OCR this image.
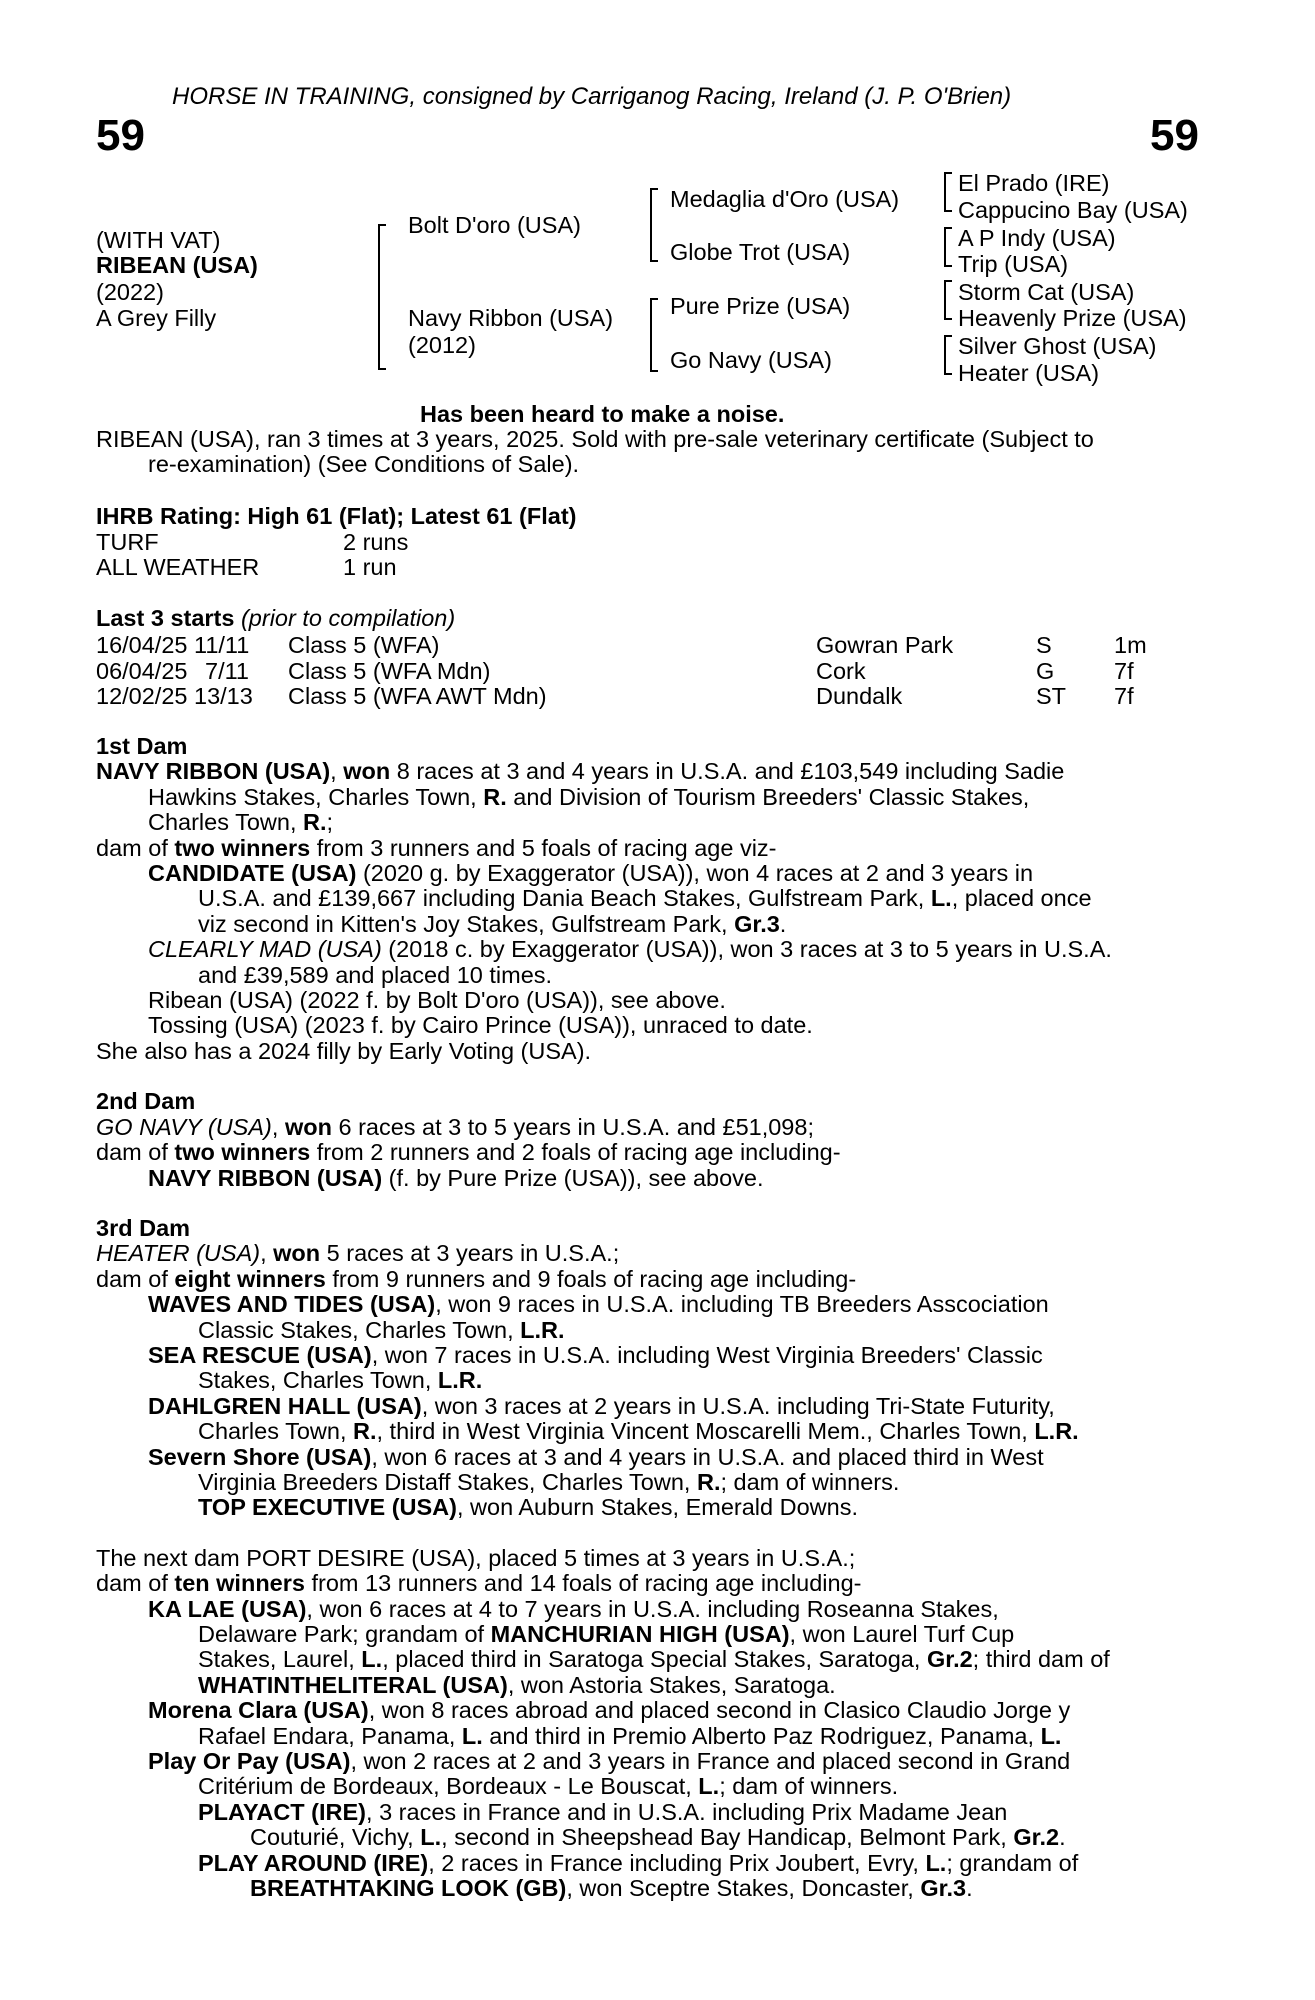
HORSE IN TRAINING, consigned by Carriganog Racing, Ireland (J. P. O'Brien)
59	59
(WITH VAT)
RIBEAN (USA)
(2022)
A Grey Filly
Bolt D'oro (USA)
Navy Ribbon (USA)
(2012)
Medaglia d'Oro (USA)
Globe Trot (USA)
Pure Prize (USA)
Go Navy (USA)
El Prado (IRE)
Cappucino Bay (USA)
A P Indy (USA)
Trip (USA)
Storm Cat (USA)
Heavenly Prize (USA)
Silver Ghost (USA)
Heater (USA)
Has been heard to make a noise.
RIBEAN (USA), ran 3 times at 3 years, 2025. Sold with pre-sale veterinary certificate (Subject to
re-examination) (See Conditions of Sale).
IHRB Rating: High 61 (Flat); Latest 61 (Flat)
TURF	2 runs
ALL WEATHER	1 run
Last 3 starts (prior to compilation)
16/04/25 11/11 Class 5 (WFA)	Gowran Park	S	1m
06/04/25 7/11 Class 5 (WFA Mdn)	Cork	G	7f
12/02/25 13/13 Class 5 (WFA AWT Mdn)	Dundalk	ST 7f
1st Dam
NAVY RIBBON (USA), won 8 races at 3 and 4 years in U.S.A. and £103,549 including Sadie
Hawkins Stakes, Charles Town, R. and Division of Tourism Breeders' Classic Stakes,
Charles Town, R.;
dam of two winners from 3 runners and 5 foals of racing age viz-
CANDIDATE (USA) (2020 g. by Exaggerator (USA)), won 4 races at 2 and 3 years in
U.S.A. and £139,667 including Dania Beach Stakes, Gulfstream Park, L., placed once
viz second in Kitten's Joy Stakes, Gulfstream Park, Gr.3.
CLEARLY MAD (USA) (2018 c. by Exaggerator (USA)), won 3 races at 3 to 5 years in U.S.A.
and £39,589 and placed 10 times.
Ribean (USA) (2022 f. by Bolt D'oro (USA)), see above.
Tossing (USA) (2023 f. by Cairo Prince (USA)), unraced to date.
She also has a 2024 filly by Early Voting (USA).
2nd Dam
GO NAVY (USA), won 6 races at 3 to 5 years in U.S.A. and £51,098;
dam of two winners from 2 runners and 2 foals of racing age including-
NAVY RIBBON (USA) (f. by Pure Prize (USA)), see above.
3rd Dam
HEATER (USA), won 5 races at 3 years in U.S.A.;
dam of eight winners from 9 runners and 9 foals of racing age including-
WAVES AND TIDES (USA), won 9 races in U.S.A. including TB Breeders Asscociation
Classic Stakes, Charles Town, L.R.
SEA RESCUE (USA), won 7 races in U.S.A. including West Virginia Breeders' Classic
Stakes, Charles Town, L.R.
DAHLGREN HALL (USA), won 3 races at 2 years in U.S.A. including Tri-State Futurity,
Charles Town, R., third in West Virginia Vincent Moscarelli Mem., Charles Town, L.R.
Severn Shore (USA), won 6 races at 3 and 4 years in U.S.A. and placed third in West
Virginia Breeders Distaff Stakes, Charles Town, R.; dam of winners.
TOP EXECUTIVE (USA), won Auburn Stakes, Emerald Downs.
The next dam PORT DESIRE (USA), placed 5 times at 3 years in U.S.A.;
dam of ten winners from 13 runners and 14 foals of racing age including-
KA LAE (USA), won 6 races at 4 to 7 years in U.S.A. including Roseanna Stakes,
Delaware Park; grandam of MANCHURIAN HIGH (USA), won Laurel Turf Cup
Stakes, Laurel, L., placed third in Saratoga Special Stakes, Saratoga, Gr.2; third dam of
WHATINTHELITERAL (USA), won Astoria Stakes, Saratoga.
Morena Clara (USA), won 8 races abroad and placed second in Clasico Claudio Jorge y
Rafael Endara, Panama, L. and third in Premio Alberto Paz Rodriguez, Panama, L.
Play Or Pay (USA), won 2 races at 2 and 3 years in France and placed second in Grand
Critérium de Bordeaux, Bordeaux - Le Bouscat, L.; dam of winners.
PLAYACT (IRE), 3 races in France and in U.S.A. including Prix Madame Jean
Couturié, Vichy, L., second in Sheepshead Bay Handicap, Belmont Park, Gr.2.
PLAY AROUND (IRE), 2 races in France including Prix Joubert, Evry, L.; grandam of
BREATHTAKING LOOK (GB), won Sceptre Stakes, Doncaster, Gr.3.
